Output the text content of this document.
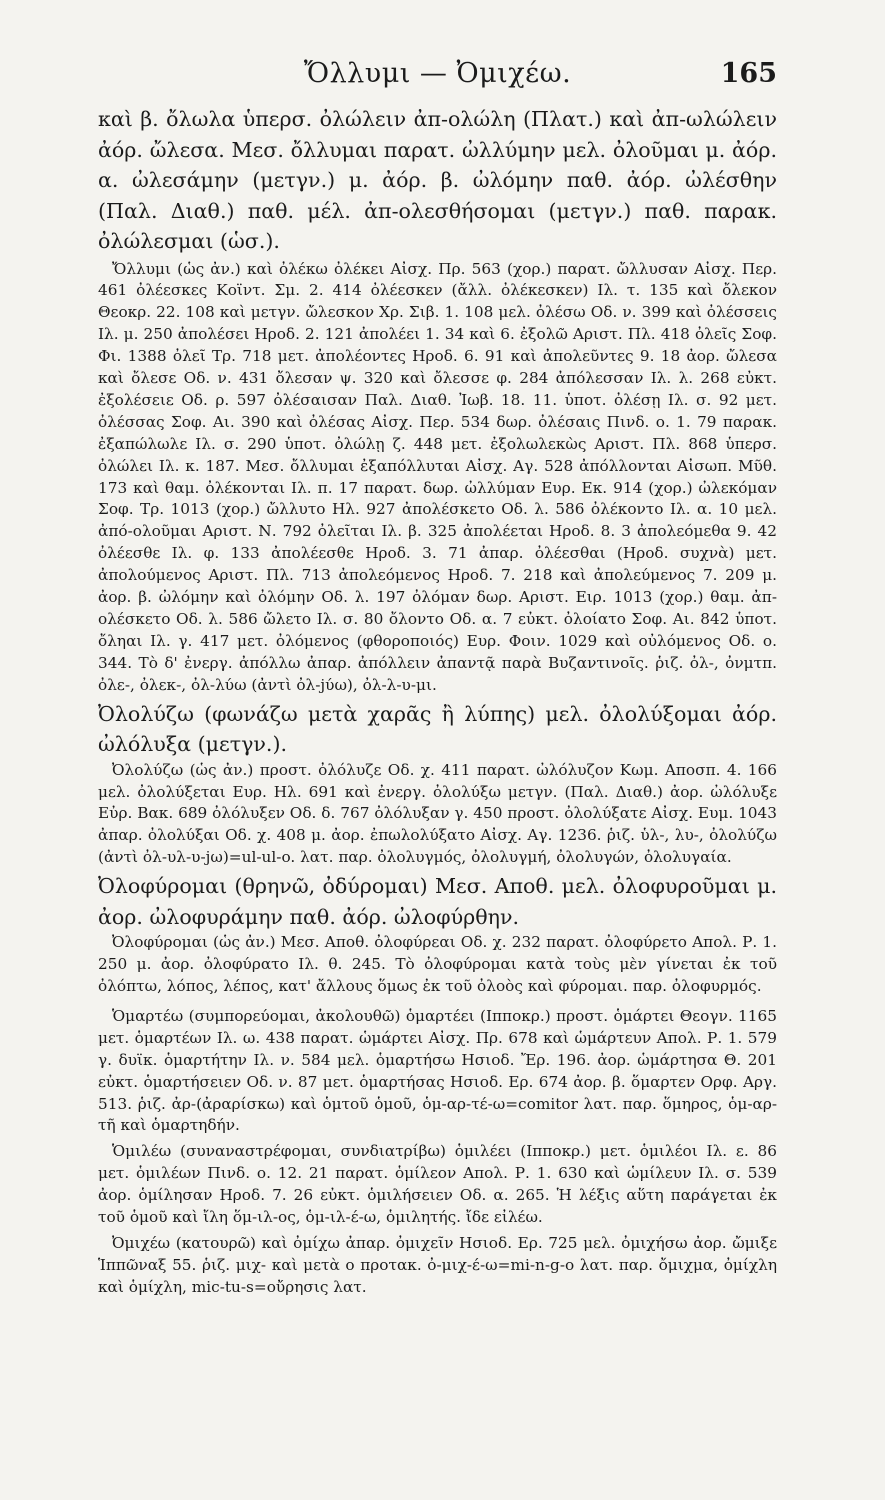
Ὄλλυμι — Ὀμιχέω.	165

καὶ β. ὄλωλα ὑπερσ. ὀλώλειν ἀπ-ολώλη (Πλατ.) καὶ ἀπ-ωλώλειν ἀόρ. ὤλεσα. Μεσ. ὄλλυμαι παρατ. ὠλλύμην μελ. ὀλοῦμαι μ. ἀόρ. α. ὠλεσάμην (μετγν.) μ. ἀόρ. β. ὠλόμην παθ. ἀόρ. ὠλέσθην (Παλ. Διαθ.) παθ. μέλ. ἀπ-ολεσθήσομαι (μετγν.) παθ. παρακ. ὀλώλεσμαι (ὡσ.).

Ὄλλυμι (ὡς ἀν.) καὶ ὀλέκω ὀλέκει Αἰσχ. Πρ. 563 (χορ.) παρατ. ὤλλυσαν Αἰσχ. Περ. 461 ὀλέεσκες Κοϊντ. Σμ. 2. 414 ὀλέεσκεν (ἄλλ. ὀλέκεσκεν) Ιλ. τ. 135 καὶ ὄλεκον Θεοκρ. 22. 108 καὶ μετγν. ὤλεσκον Χρ. Σιβ. 1. 108 μελ. ὀλέσω Οδ. ν. 399 καὶ ὀλέσσεις Ιλ. μ. 250 ἀπολέσει Ηροδ. 2. 121 ἀπολέει 1. 34 καὶ 6. ἐξολῶ Αριστ. Πλ. 418 ὀλεῖς Σοφ. Φι. 1388 ὀλεῖ Τρ. 718 μετ. ἀπολέοντες Ηροδ. 6. 91 καὶ ἀπολεῦντες 9. 18 ἀορ. ὤλεσα καὶ ὄλεσε Οδ. ν. 431 ὄλεσαν ψ. 320 καὶ ὄλεσσε φ. 284 ἀπόλεσσαν Ιλ. λ. 268 εὐκτ. ἐξολέσειε Οδ. ρ. 597 ὀλέσαισαν Παλ. Διαθ. Ἰωβ. 18. 11. ὑποτ. ὀλέσῃ Ιλ. σ. 92 μετ. ὀλέσσας Σοφ. Αι. 390 καὶ ὀλέσας Αἰσχ. Περ. 534 δωρ. ὀλέσαις Πινδ. ο. 1. 79 παρακ. ἐξαπώλωλε Ιλ. σ. 290 ὑποτ. ὀλώλῃ ζ. 448 μετ. ἐξολωλεκὼς Αριστ. Πλ. 868 ὑπερσ. ὀλώλει Ιλ. κ. 187. Μεσ. ὄλλυμαι ἐξαπόλλυται Αἰσχ. Αγ. 528 ἀπόλλονται Αἰσωπ. Μῦθ. 173 καὶ θαμ. ὀλέκονται Ιλ. π. 17 παρατ. δωρ. ὠλλύμαν Ευρ. Εκ. 914 (χορ.) ὠλεκόμαν Σοφ. Τρ. 1013 (χορ.) ὤλλυτο Ηλ. 927 ἀπολέσκετο Οδ. λ. 586 ὀλέκοντο Ιλ. α. 10 μελ. ἀπό-ολοῦμαι Αριστ. Ν. 792 ὀλεῖται Ιλ. β. 325 ἀπολέεται Ηροδ. 8. 3 ἀπολεόμεθα 9. 42 ὀλέεσθε Ιλ. φ. 133 ἀπολέεσθε Ηροδ. 3. 71 ἀπαρ. ὀλέεσθαι (Ηροδ. συχνὰ) μετ. ἀπολούμενος Αριστ. Πλ. 713 ἀπολεόμενος Ηροδ. 7. 218 καὶ ἀπολεύμενος 7. 209 μ. ἀορ. β. ὠλόμην καὶ ὀλόμην Οδ. λ. 197 ὀλόμαν δωρ. Αριστ. Eιρ. 1013 (χορ.) θαμ. ἀπ-ολέσκετο Οδ. λ. 586 ὤλετο Ιλ. σ. 80 ὄλοντο Οδ. α. 7 εὐκτ. ὀλοίατο Σοφ. Αι. 842 ὑποτ. ὄληαι Ιλ. γ. 417 μετ. ὀλόμενος (φθοροποιός) Ευρ. Φοιν. 1029 καὶ οὐλόμενος Οδ. ο. 344. Τὸ δ' ἐνεργ. ἀπόλλω ἀπαρ. ἀπόλλειν ἀπαντᾷ παρὰ Βυζαντινοῖς. ῥιζ. ὀλ-, ὀνμτπ. ὀλε-, ὀλεκ-, ὀλ-λύω (ἀντὶ ὀλ-jύω), ὀλ-λ-υ-μι.

Ὀλολύζω (φωνάζω μετὰ χαρᾶς ἢ λύπης) μελ. ὀλολύξομαι ἀόρ. ὠλόλυξα (μετγν.).

Ὀλολύζω (ὡς ἀν.) προστ. ὀλόλυζε Οδ. χ. 411 παρατ. ὠλόλυζον Κωμ. Αποσπ. 4. 166 μελ. ὀλολύξεται Ευρ. Ηλ. 691 καὶ ἐνεργ. ὀλολύξω μετγν. (Παλ. Διαθ.) ἀορ. ὠλόλυξε Εὐρ. Βακ. 689 ὀλόλυξεν Οδ. δ. 767 ὀλόλυξαν γ. 450 προστ. ὀλολύξατε Αἰσχ. Ευμ. 1043 ἀπαρ. ὀλολύξαι Οδ. χ. 408 μ. ἀορ. ἐπωλολύξατο Αἰσχ. Αγ. 1236. ῥιζ. ὑλ-, λυ-, ὀλολύζω (ἀντὶ ὀλ-υλ-υ-jω)=ul-ul-o. λατ. παρ. ὀλολυγμός, ὀλολυγμή, ὀλολυγών, ὀλολυγαία.

Ὀλοφύρομαι (θρηνῶ, ὀδύρομαι) Μεσ. Αποθ. μελ. ὀλοφυροῦμαι μ. ἀορ. ὠλοφυράμην παθ. ἀόρ. ὠλοφύρθην.

Ὀλοφύρομαι (ὡς ἀν.) Μεσ. Αποθ. ὀλοφύρεαι Οδ. χ. 232 παρατ. ὀλοφύρετο Απολ. Ρ. 1. 250 μ. ἀορ. ὀλοφύρατο Ιλ. θ. 245. Τὸ ὀλοφύρομαι κατὰ τοὺς μὲν γίνεται ἐκ τοῦ ὀλόπτω, λόπος, λέπος, κατ' ἄλλους ὅμως ἐκ τοῦ ὀλοὸς καὶ φύρομαι. παρ. ὀλοφυρμός.

Ὁμαρτέω (συμπορεύομαι, ἀκολουθῶ) ὁμαρτέει (Ιπποκρ.) προστ. ὁμάρτει Θεογν. 1165 μετ. ὁμαρτέων Ιλ. ω. 438 παρατ. ὡμάρτει Αἰσχ. Πρ. 678 καὶ ὡμάρτευν Απολ. Ρ. 1. 579 γ. δυϊκ. ὁμαρτήτην Ιλ. ν. 584 μελ. ὁμαρτήσω Ησιοδ. Ἔρ. 196. ἀορ. ὡμάρτησα Θ. 201 εὐκτ. ὁμαρτήσειεν Οδ. ν. 87 μετ. ὁμαρτήσας Ησιοδ. Eρ. 674 ἀορ. β. ὅμαρτεν Ορφ. Αργ. 513. ῥιζ. ἀρ-(ἀραρίσκω) καὶ ὁμτοῦ ὁμοῦ, ὁμ-αρ-τέ-ω=comitor λατ. παρ. ὅμηρος, ὁμ-αρ-τῆ καὶ ὁμαρτηδήν.

Ὁμιλέω (συναναστρέφομαι, συνδιατρίβω) ὁμιλέει (Ιπποκρ.) μετ. ὁμιλέοι Ιλ. ε. 86 μετ. ὁμιλέων Πινδ. ο. 12. 21 παρατ. ὁμίλεον Απολ. Ρ. 1. 630 καὶ ὡμίλευν Ιλ. σ. 539 ἀορ. ὁμίλησαν Ηροδ. 7. 26 εὐκτ. ὁμιλήσειεν Οδ. α. 265. Ἡ λέξις αὕτη παράγεται ἐκ τοῦ ὁμοῦ καὶ ἴλη ὅμ-ιλ-ος, ὁμ-ιλ-έ-ω, ὁμιλητής. ἴδε εἰλέω.

Ὀμιχέω (κατουρῶ) καὶ ὀμίχω ἀπαρ. ὀμιχεῖν Ησιοδ. Ερ. 725 μελ. ὀμιχήσω ἀορ. ὤμιξε Ἱππῶναξ 55. ῥιζ. μιχ- καὶ μετὰ ο προτακ. ὀ-μιχ-έ-ω=mi-n-g-o λατ. παρ. ὄμιχμα, ὀμίχλη καὶ ὁμίχλη, mic-tu-s=οὔρησις λατ.
